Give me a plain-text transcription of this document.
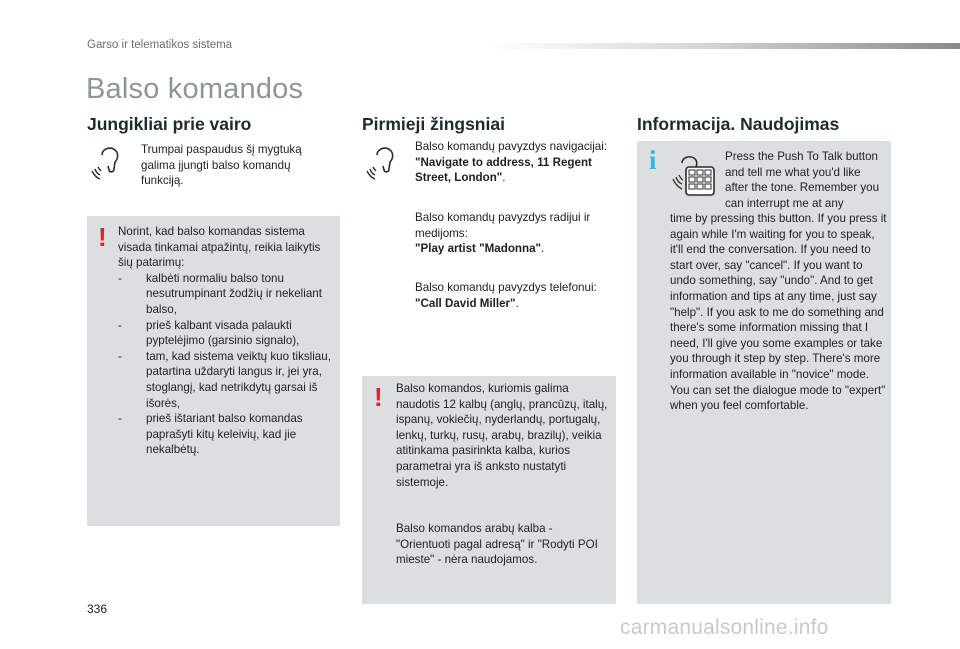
Garso ir telematikos sistema
Balso komandos
Jungikliai prie vairo
Trumpai paspaudus šį mygtuką galima įjungti balso komandų funkciją.
! Norint, kad balso komandas sistema visada tinkamai atpažintų, reikia laikytis šių patarimų:
- kalbėti normaliu balso tonu nesutrumpinant žodžių ir nekeliant balso,
- prieš kalbant visada palaukti pyptelėjimo (garsinio signalo),
- tam, kad sistema veiktų kuo tiksliau, patartina uždaryti langus ir, jei yra, stoglangį, kad netrikdytų garsai iš išorės,
- prieš ištariant balso komandas paprašyti kitų keleivių, kad jie nekalbėtų.
Pirmieji žingsniai
Balso komandų pavyzdys navigacijai:
"Navigate to address, 11 Regent Street, London".
Balso komandų pavyzdys radijui ir medijoms:
"Play artist "Madonna".
Balso komandų pavyzdys telefonui:
"Call David Miller".
! Balso komandos, kuriomis galima naudotis 12 kalbų (anglų, prancūzų, italų, ispanų, vokiečių, nyderlandų, portugalų, lenkų, turkų, rusų, arabų, brazilų), veikia atitinkama pasirinkta kalba, kurios parametrai yra iš anksto nustatyti sistemoje.
Balso komandos arabų kalba - "Orientuoti pagal adresą" ir "Rodyti POI mieste" - nėra naudojamos.
Informacija. Naudojimas
i	Press the Push To Talk button and tell me what you'd like after the tone. Remember you can interrupt me at any
time by pressing this button. If you press it again while I'm waiting for you to speak, it'll end the conversation. If you need to start over, say "cancel". If you want to undo something, say "undo". And to get information and tips at any time, just say "help". If you ask to me do something and there's some information missing that I need, I'll give you some examples or take you through it step by step. There's more information available in "novice" mode. You can set the dialogue mode to "expert" when you feel comfortable.
336
carmanualsonline.info
